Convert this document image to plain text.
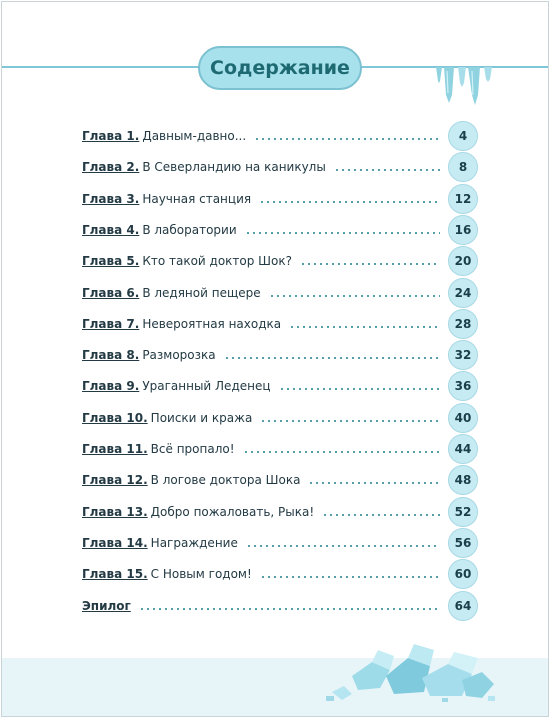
Содержание
Глава 1. Давным-давно...	4
Глава 2. В Северландию на каникулы	8
Глава 3. Научная станция	12
Глава 4. В лаборатории	16
Глава 5. Кто такой доктор Шок?	20
Глава 6. В ледяной пещере	24
Глава 7. Невероятная находка	28
Глава 8. Разморозка	32
Глава 9. Ураганный Леденец	36
Глава 10. Поиски и кража	40
Глава 11. Всё пропало!	44
Глава 12. В логове доктора Шока	48
Глава 13. Добро пожаловать, Рыка!	52
Глава 14. Награждение	56
Глава 15. С Новым годом!	60
Эпилог	64
